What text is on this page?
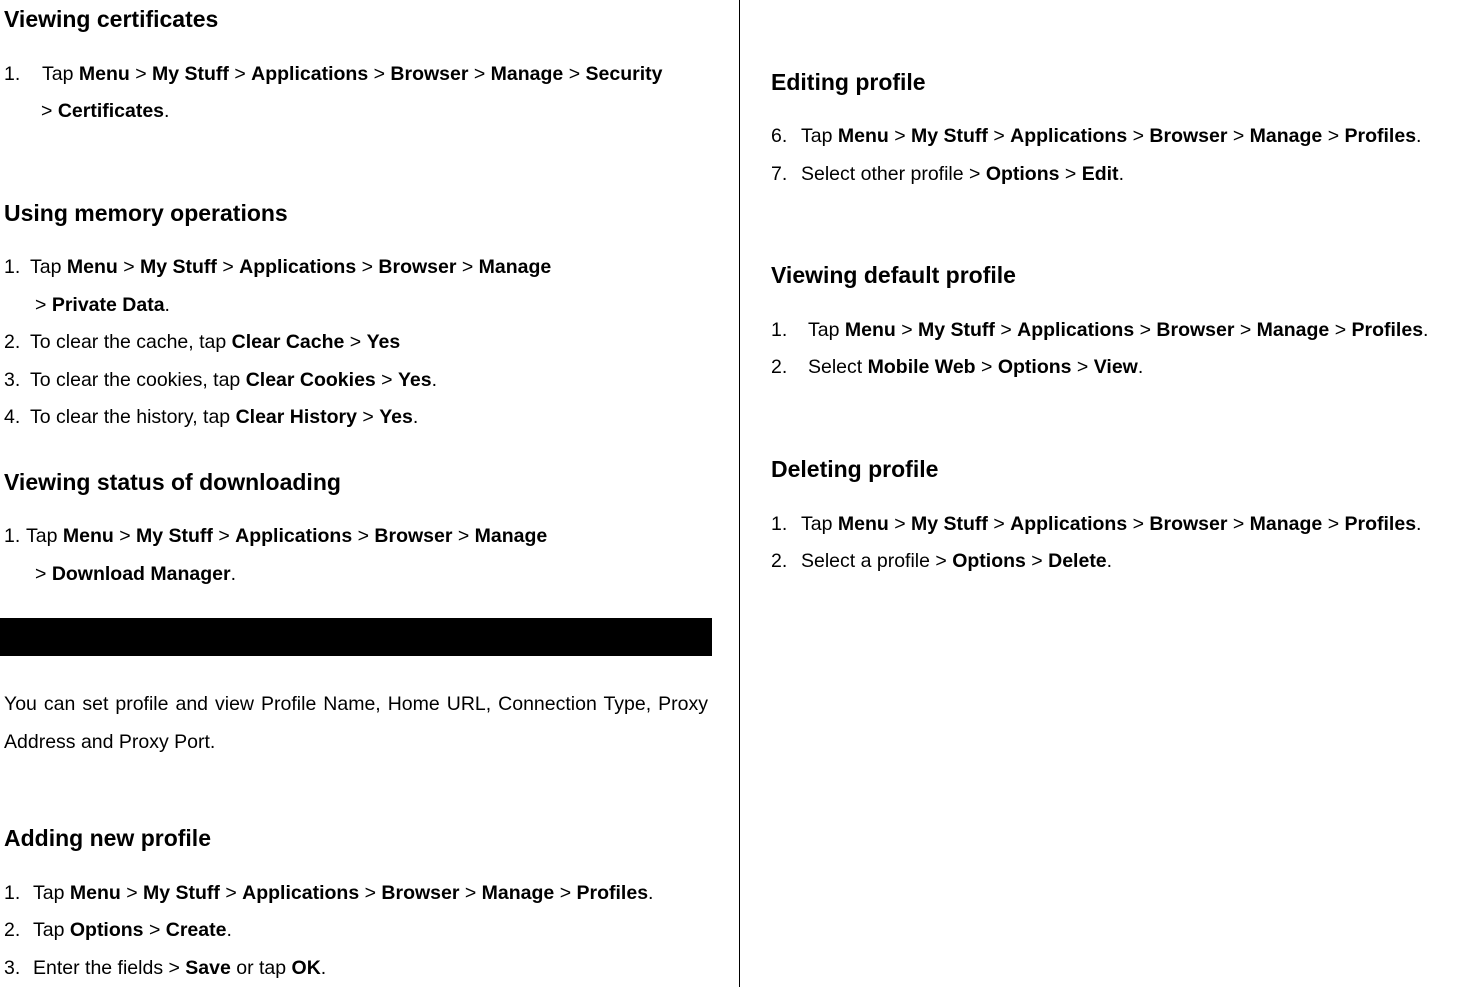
Viewing certificates
1. Tap Menu > My Stuff > Applications > Browser > Manage > Security
> Certificates.
Using memory operations
1. Tap Menu > My Stuff > Applications > Browser > Manage
> Private Data.
2. To clear the cache, tap Clear Cache > Yes
3. To clear the cookies, tap Clear Cookies > Yes.
4. To clear the history, tap Clear History > Yes.
Viewing status of downloading
1. Tap Menu > My Stuff > Applications > Browser > Manage
> Download Manager.
You can set profile and view Profile Name, Home URL, Connection Type, Proxy Address and Proxy Port.
Adding new profile
1. Tap Menu > My Stuff > Applications > Browser > Manage > Profiles.
2. Tap Options > Create.
3. Enter the fields > Save or tap OK.
Editing profile
6. Tap Menu > My Stuff > Applications > Browser > Manage > Profiles.
7. Select other profile > Options > Edit.
Viewing default profile
1. Tap Menu > My Stuff > Applications > Browser > Manage > Profiles.
2. Select Mobile Web > Options > View.
Deleting profile
1. Tap Menu > My Stuff > Applications > Browser > Manage > Profiles.
2. Select a profile > Options > Delete.
